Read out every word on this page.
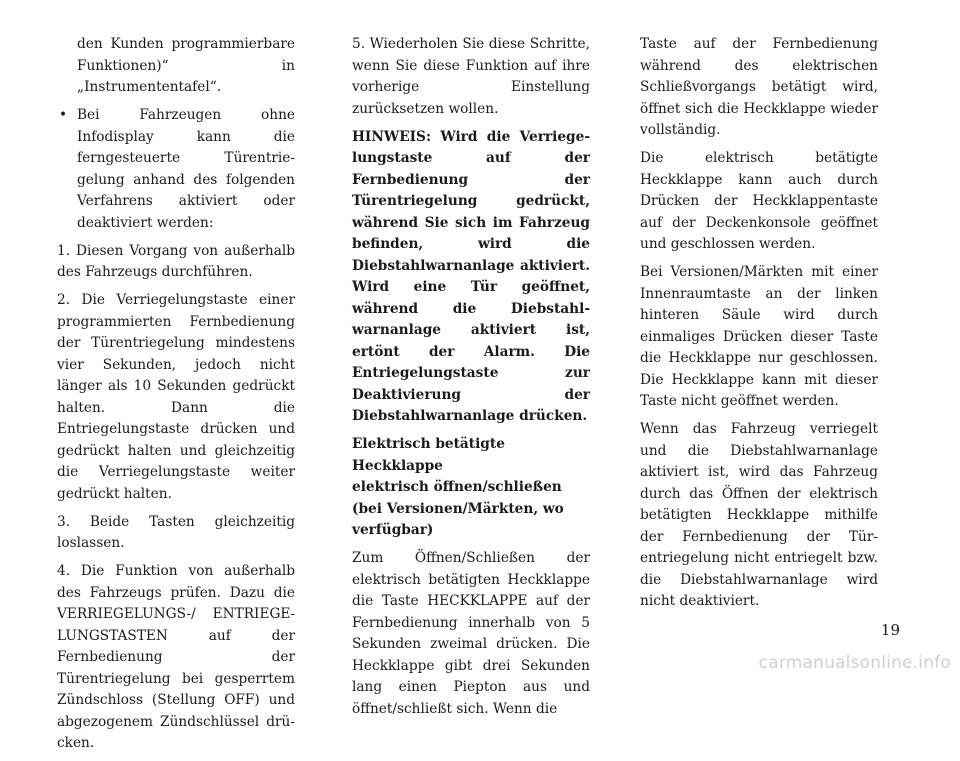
den Kunden programmierbare Funktionen)“ in „Instrumententafel“.

• Bei Fahrzeugen ohne Infodisplay kann die ferngesteuerte Türentriegelung anhand des folgenden Verfahrens aktiviert oder deaktiviert werden:

1. Diesen Vorgang von außerhalb des Fahrzeugs durchführen.

2. Die Verriegelungstaste einer programmierten Fernbedienung der Türentriegelung mindestens vier Sekunden, jedoch nicht länger als 10 Sekunden gedrückt halten. Dann die Entriegelungstaste drücken und gedrückt halten und gleichzeitig die Verriegelungstaste weiter gedrückt halten.

3. Beide Tasten gleichzeitig loslassen.

4. Die Funktion von außerhalb des Fahrzeugs prüfen. Dazu die VERRIEGELUNGS-/ ENTRIEGELUNGSTASTEN auf der Fernbedienung der Türentriegelung bei gesperrtem Zündschloss (Stellung OFF) und abgezogenem Zündschlüssel drücken.

5. Wiederholen Sie diese Schritte, wenn Sie diese Funktion auf ihre vorherige Einstellung zurücksetzen wollen.

HINWEIS: Wird die Verriegelungstaste auf der Fernbedienung der Türentriegelung gedrückt, während Sie sich im Fahrzeug befinden, wird die Diebstahlwarnanlage aktiviert. Wird eine Tür geöffnet, während die Diebstahlwarnanlage aktiviert ist, ertönt der Alarm. Die Entriegelungstaste zur Deaktivierung der Diebstahlwarnanlage drücken.

Elektrisch betätigte Heckklappe
elektrisch öffnen/schließen
(bei Versionen/Märkten, wo
verfügbar)

Zum Öffnen/Schließen der elektrisch betätigten Heckklappe die Taste HECKKLAPPE auf der Fernbedienung innerhalb von 5 Sekunden zweimal drücken. Die Heckklappe gibt drei Sekunden lang einen Piepton aus und öffnet/schließt sich. Wenn die

Taste auf der Fernbedienung während des elektrischen Schließvorgangs betätigt wird, öffnet sich die Heckklappe wieder vollständig.

Die elektrisch betätigte Heckklappe kann auch durch Drücken der Heckklappentaste auf der Deckenkonsole geöffnet und geschlossen werden.

Bei Versionen/Märkten mit einer Innenraumtaste an der linken hinteren Säule wird durch einmaliges Drücken dieser Taste die Heckklappe nur geschlossen. Die Heckklappe kann mit dieser Taste nicht geöffnet werden.

Wenn das Fahrzeug verriegelt und die Diebstahlwarnanlage aktiviert ist, wird das Fahrzeug durch das Öffnen der elektrisch betätigten Heckklappe mithilfe der Fernbedienung der Türentriegelung nicht entriegelt bzw. die Diebstahlwarnanlage wird nicht deaktiviert.

19
carmanualsonline.info
